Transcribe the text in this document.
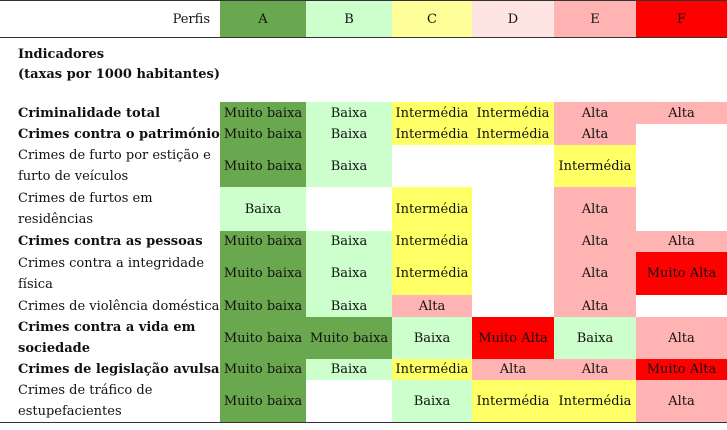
Perfis	A	B	C	D	E	F

Indicadores
(taxas por 1000 habitantes)						

Criminalidade total	Muito baixa	Baixa	Intermédia	Intermédia	Alta	Alta
Crimes contra o património	Muito baixa	Baixa	Intermédia	Intermédia	Alta	
Crimes de furto por estição e furto de veículos	Muito baixa	Baixa			Intermédia	
Crimes de furtos em residências	Baixa		Intermédia		Alta	
Crimes contra as pessoas	Muito baixa	Baixa	Intermédia		Alta	Alta
Crimes contra a integridade física	Muito baixa	Baixa	Intermédia		Alta	Muito Alta
Crimes de violência doméstica	Muito baixa	Baixa	Alta		Alta	
Crimes contra a vida em sociedade	Muito baixa	Muito baixa	Baixa	Muito Alta	Baixa	Alta
Crimes de legislação avulsa	Muito baixa	Baixa	Intermédia	Alta	Alta	Muito Alta
Crimes de tráfico de estupefacientes	Muito baixa		Baixa	Intermédia	Intermédia	Alta
